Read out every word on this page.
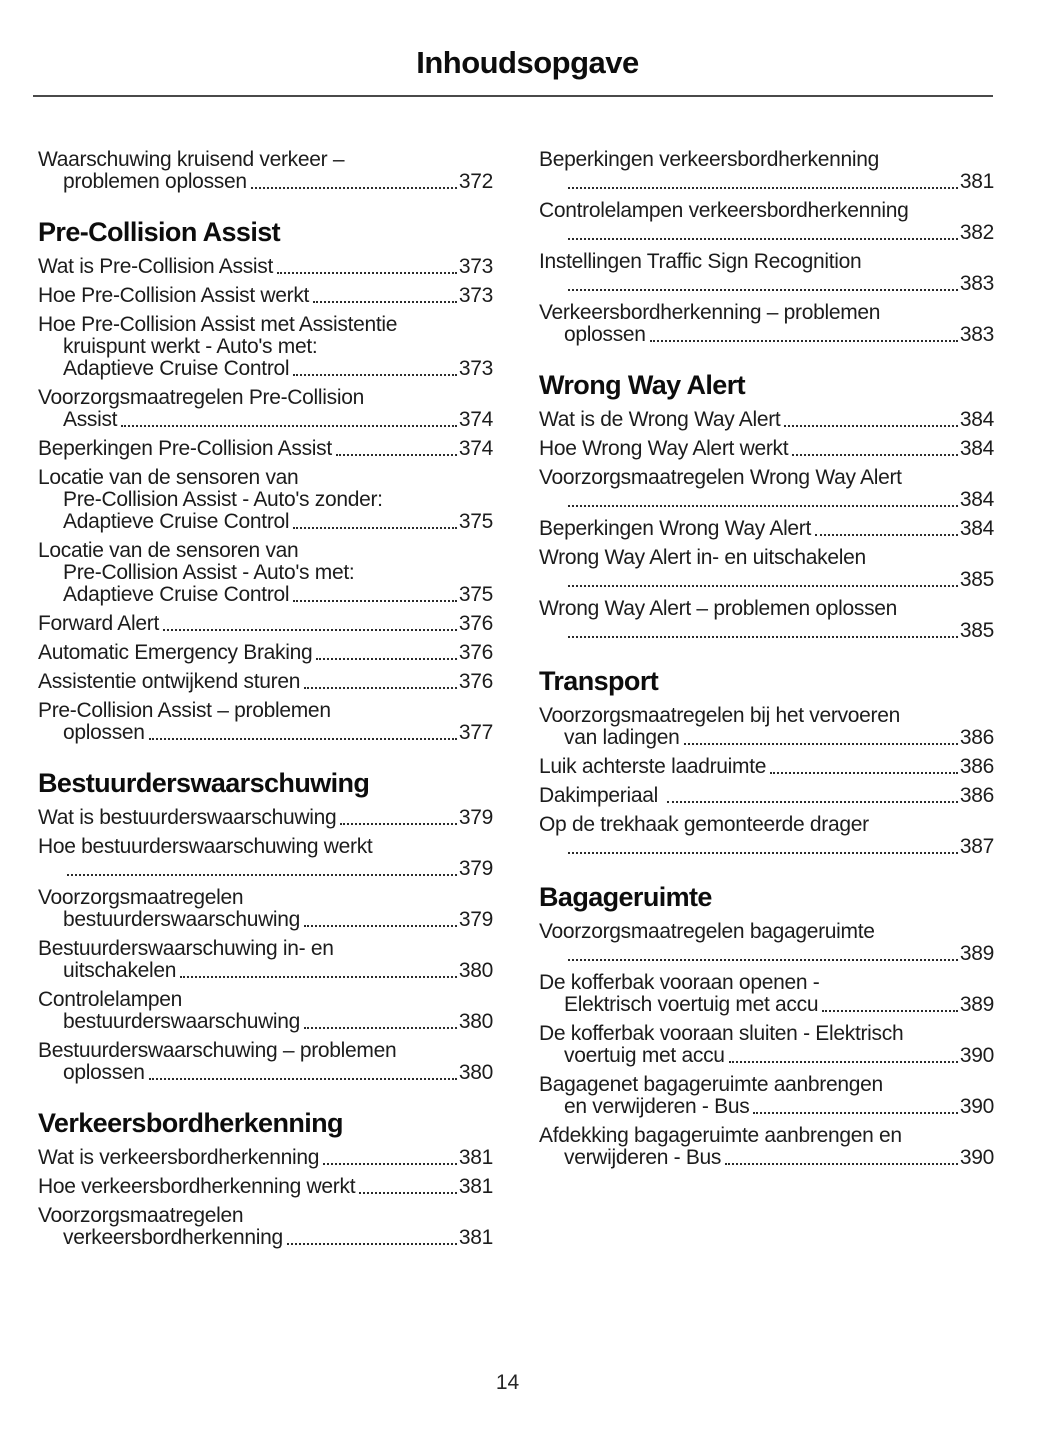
Inhoudsopgave
Waarschuwing kruisend verkeer –
problemen oplossen	372
Pre-Collision Assist
Wat is Pre-Collision Assist	373
Hoe Pre-Collision Assist werkt	373
Hoe Pre-Collision Assist met Assistentie
kruispunt werkt - Auto's met:
Adaptieve Cruise Control	373
Voorzorgsmaatregelen Pre-Collision
Assist	374
Beperkingen Pre-Collision Assist	374
Locatie van de sensoren van
Pre-Collision Assist - Auto's zonder:
Adaptieve Cruise Control	375
Locatie van de sensoren van
Pre-Collision Assist - Auto's met:
Adaptieve Cruise Control	375
Forward Alert	376
Automatic Emergency Braking	376
Assistentie ontwijkend sturen	376
Pre-Collision Assist – problemen
oplossen	377
Bestuurderswaarschuwing
Wat is bestuurderswaarschuwing	379
Hoe bestuurderswaarschuwing werkt
379
Voorzorgsmaatregelen
bestuurderswaarschuwing	379
Bestuurderswaarschuwing in- en
uitschakelen	380
Controlelampen
bestuurderswaarschuwing	380
Bestuurderswaarschuwing – problemen
oplossen	380
Verkeersbordherkenning
Wat is verkeersbordherkenning	381
Hoe verkeersbordherkenning werkt	381
Voorzorgsmaatregelen
verkeersbordherkenning	381
Beperkingen verkeersbordherkenning
381
Controlelampen verkeersbordherkenning
382
Instellingen Traffic Sign Recognition
383
Verkeersbordherkenning – problemen
oplossen	383
Wrong Way Alert
Wat is de Wrong Way Alert	384
Hoe Wrong Way Alert werkt	384
Voorzorgsmaatregelen Wrong Way Alert
384
Beperkingen Wrong Way Alert	384
Wrong Way Alert in- en uitschakelen
385
Wrong Way Alert – problemen oplossen
385
Transport
Voorzorgsmaatregelen bij het vervoeren
van ladingen	386
Luik achterste laadruimte	386
Dakimperiaal	386
Op de trekhaak gemonteerde drager
387
Bagageruimte
Voorzorgsmaatregelen bagageruimte
389
De kofferbak vooraan openen -
Elektrisch voertuig met accu	389
De kofferbak vooraan sluiten - Elektrisch
voertuig met accu	390
Bagagenet bagageruimte aanbrengen
en verwijderen - Bus	390
Afdekking bagageruimte aanbrengen en
verwijderen - Bus	390
14
